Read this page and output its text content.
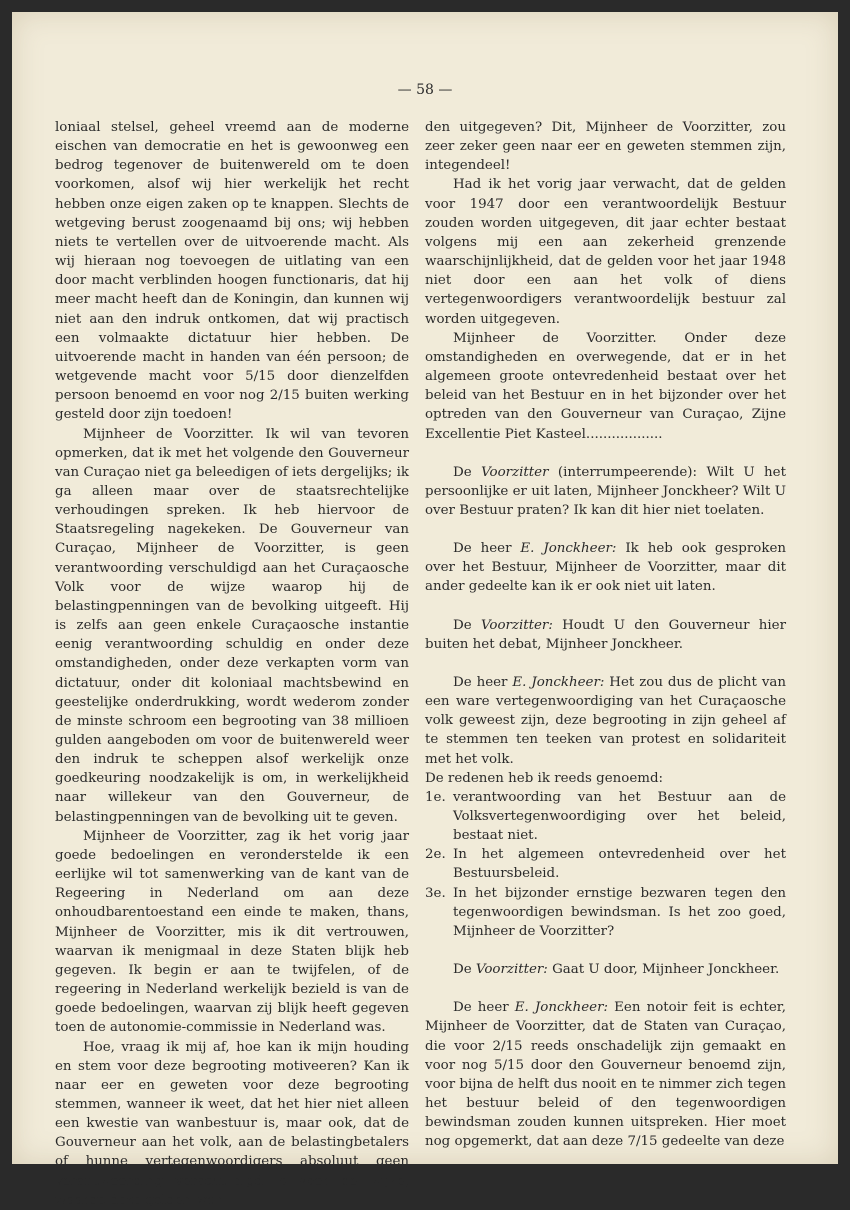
— 58 —

loniaal stelsel, geheel vreemd aan de moderne eischen van democratie en het is gewoonweg een bedrog tegenover de buitenwereld om te doen voorkomen, alsof wij hier werkelijk het recht hebben onze eigen zaken op te knappen. Slechts de wetgeving berust zoogenaamd bij ons; wij hebben niets te vertellen over de uitvoerende macht. Als wij hieraan nog toevoegen de uitlating van een door macht verblinden hoogen functionaris, dat hij meer macht heeft dan de Koningin, dan kunnen wij niet aan den indruk ontkomen, dat wij practisch een volmaakte dictatuur hier hebben. De uitvoerende macht in handen van één persoon; de wetgevende macht voor 5/15 door dienzelfden persoon benoemd en voor nog 2/15 buiten werking gesteld door zijn toedoen!

Mijnheer de Voorzitter. Ik wil van tevoren opmerken, dat ik met het volgende den Gouverneur van Curaçao niet ga beleedigen of iets dergelijks; ik ga alleen maar over de staatsrechtelijke verhoudingen spreken. Ik heb hiervoor de Staatsregeling nagekeken. De Gouverneur van Curaçao, Mijnheer de Voorzitter, is geen verantwoording verschuldigd aan het Curaçaosche Volk voor de wijze waarop hij de belastingpenningen van de bevolking uitgeeft. Hij is zelfs aan geen enkele Curaçaosche instantie eenig verantwoording schuldig en onder deze omstandigheden, onder deze verkapten vorm van dictatuur, onder dit koloniaal machtsbewind en geestelijke onderdrukking, wordt wederom zonder de minste schroom een begrooting van 38 millioen gulden aangeboden om voor de buitenwereld weer den indruk te scheppen alsof werkelijk onze goedkeuring noodzakelijk is om, in werkelijkheid naar willekeur van den Gouverneur, de belastingpenningen van de bevolking uit te geven.

Mijnheer de Voorzitter, zag ik het vorig jaar goede bedoelingen en veronderstelde ik een eerlijke wil tot samenwerking van de kant van de Regeering in Nederland om aan deze onhoudbarentoestand een einde te maken, thans, Mijnheer de Voorzitter, mis ik dit vertrouwen, waarvan ik menigmaal in deze Staten blijk heb gegeven. Ik begin er aan te twijfelen, of de regeering in Nederland werkelijk bezield is van de goede bedoelingen, waarvan zij blijk heeft gegeven toen de autonomie-commissie in Nederland was.

Hoe, vraag ik mij af, hoe kan ik mijn houding en stem voor deze begrooting motiveeren? Kan ik naar eer en geweten voor deze begrooting stemmen, wanneer ik weet, dat het hier niet alleen een kwestie van wanbestuur is, maar ook, dat de Gouverneur aan het volk, aan de belastingbetalers of hunne vertegenwoordigers absoluut geen verantwoording verschuldigd is voor de wijze, waarop deze gelden wor-

den uitgegeven? Dit, Mijnheer de Voorzitter, zou zeer zeker geen naar eer en geweten stemmen zijn, integendeel!

Had ik het vorig jaar verwacht, dat de gelden voor 1947 door een verantwoordelijk Bestuur zouden worden uitgegeven, dit jaar echter bestaat volgens mij een aan zekerheid grenzende waarschijnlijkheid, dat de gelden voor het jaar 1948 niet door een aan het volk of diens vertegenwoordigers verantwoordelijk bestuur zal worden uitgegeven.

Mijnheer de Voorzitter. Onder deze omstandigheden en overwegende, dat er in het algemeen groote ontevredenheid bestaat over het beleid van het Bestuur en in het bijzonder over het optreden van den Gouverneur van Curaçao, Zijne Excellentie Piet Kasteel..................

De Voorzitter (interrumpeerende): Wilt U het persoonlijke er uit laten, Mijnheer Jonckheer? Wilt U over Bestuur praten? Ik kan dit hier niet toelaten.

De heer E. Jonckheer: Ik heb ook gesproken over het Bestuur, Mijnheer de Voorzitter, maar dit ander gedeelte kan ik er ook niet uit laten.

De Voorzitter: Houdt U den Gouverneur hier buiten het debat, Mijnheer Jonckheer.

De heer E. Jonckheer: Het zou dus de plicht van een ware vertegenwoordiging van het Curaçaosche volk geweest zijn, deze begrooting in zijn geheel af te stemmen ten teeken van protest en solidariteit met het volk.

De redenen heb ik reeds genoemd:

1e. verantwoording van het Bestuur aan de Volksvertegenwoordiging over het beleid, bestaat niet.
2e. In het algemeen ontevredenheid over het Bestuursbeleid.
3e. In het bijzonder ernstige bezwaren tegen den tegenwoordigen bewindsman. Is het zoo goed, Mijnheer de Voorzitter?

De Voorzitter: Gaat U door, Mijnheer Jonckheer.

De heer E. Jonckheer: Een notoir feit is echter, Mijnheer de Voorzitter, dat de Staten van Curaçao, die voor 2/15 reeds onschadelijk zijn gemaakt en voor nog 5/15 door den Gouverneur benoemd zijn, voor bijna de helft dus nooit en te nimmer zich tegen het bestuur beleid of den tegenwoordigen bewindsman zouden kunnen uitspreken. Hier moet nog opgemerkt, dat aan deze 7/15 gedeelte van deze
